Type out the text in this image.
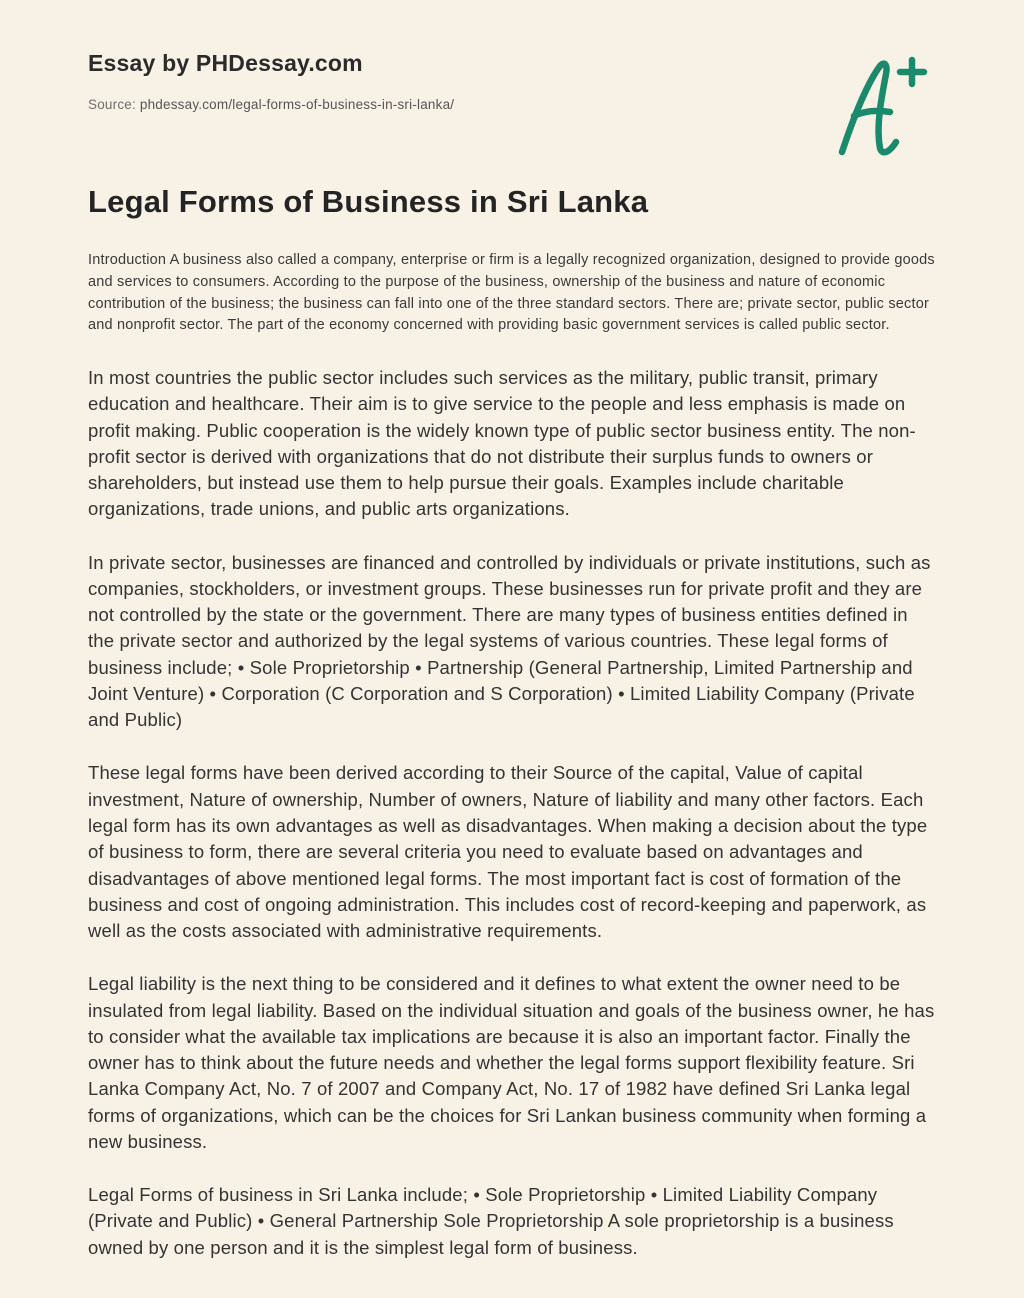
Essay by PHDessay.com
Source: phdessay.com/legal-forms-of-business-in-sri-lanka/
Legal Forms of Business in Sri Lanka

Introduction A business also called a company, enterprise or firm is a legally recognized organization, designed to provide goods and services to consumers. According to the purpose of the business, ownership of the business and nature of economic contribution of the business; the business can fall into one of the three standard sectors. There are; private sector, public sector and nonprofit sector. The part of the economy concerned with providing basic government services is called public sector.

In most countries the public sector includes such services as the military, public transit, primary education and healthcare. Their aim is to give service to the people and less emphasis is made on profit making. Public cooperation is the widely known type of public sector business entity. The non-profit sector is derived with organizations that do not distribute their surplus funds to owners or shareholders, but instead use them to help pursue their goals. Examples include charitable organizations, trade unions, and public arts organizations.

In private sector, businesses are financed and controlled by individuals or private institutions, such as companies, stockholders, or investment groups. These businesses run for private profit and they are not controlled by the state or the government. There are many types of business entities defined in the private sector and authorized by the legal systems of various countries. These legal forms of business include; • Sole Proprietorship • Partnership (General Partnership, Limited Partnership and Joint Venture) • Corporation (C Corporation and S Corporation) • Limited Liability Company (Private and Public)

These legal forms have been derived according to their Source of the capital, Value of capital investment, Nature of ownership, Number of owners, Nature of liability and many other factors. Each legal form has its own advantages as well as disadvantages. When making a decision about the type of business to form, there are several criteria you need to evaluate based on advantages and disadvantages of above mentioned legal forms. The most important fact is cost of formation of the business and cost of ongoing administration. This includes cost of record-keeping and paperwork, as well as the costs associated with administrative requirements.

Legal liability is the next thing to be considered and it defines to what extent the owner need to be insulated from legal liability. Based on the individual situation and goals of the business owner, he has to consider what the available tax implications are because it is also an important factor. Finally the owner has to think about the future needs and whether the legal forms support flexibility feature. Sri Lanka Company Act, No. 7 of 2007 and Company Act, No. 17 of 1982 have defined Sri Lanka legal forms of organizations, which can be the choices for Sri Lankan business community when forming a new business.

Legal Forms of business in Sri Lanka include; • Sole Proprietorship • Limited Liability Company (Private and Public) • General Partnership Sole Proprietorship A sole proprietorship is a business owned by one person and it is the simplest legal form of business.
